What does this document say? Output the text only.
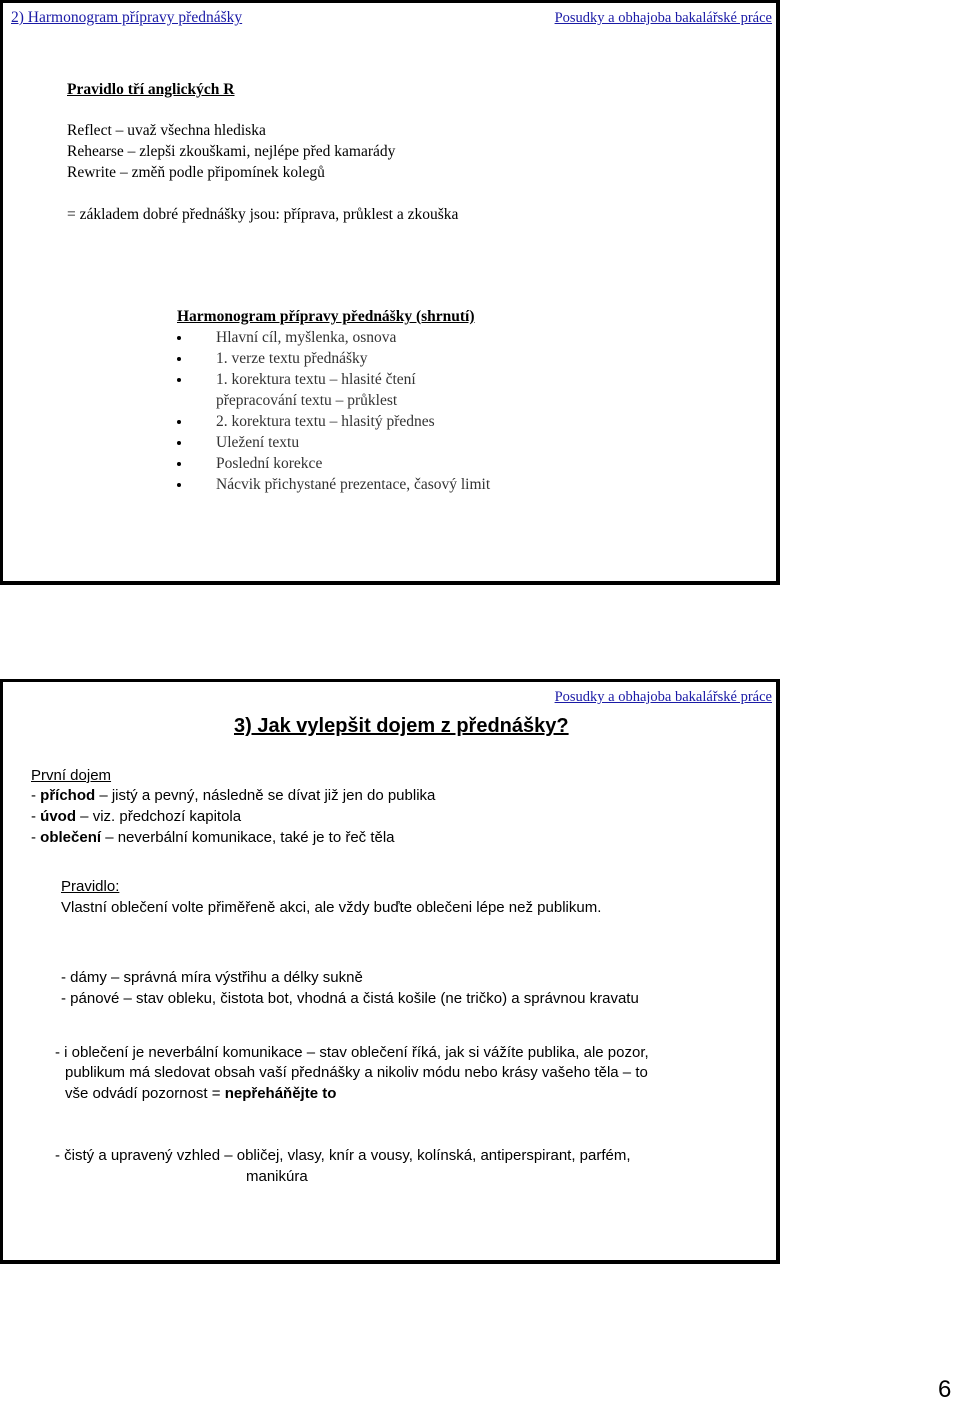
2) Harmonogram přípravy přednášky	Posudky a obhajoba bakalářské práce
Pravidlo tří anglických R
Reflect – uvaž všechna hlediska
Rehearse – zlepši zkouškami, nejlépe před kamarády
Rewrite – změň podle připomínek kolegů
= základem dobré přednášky jsou: příprava, průklest a zkouška
Harmonogram přípravy přednášky (shrnutí)
Hlavní cíl, myšlenka, osnova
1. verze textu přednášky
1. korektura textu – hlasité čtení
přepracování textu – průklest
2. korektura textu – hlasitý přednes
Uležení textu
Poslední korekce
Nácvik přichystané prezentace, časový limit
Posudky a obhajoba bakalářské práce
3) Jak vylepšit dojem z přednášky?
První dojem
- příchod – jistý a pevný, následně se dívat již jen do publika
- úvod – viz. předchozí kapitola
- oblečení – neverbální komunikace, také je to řeč těla
Pravidlo:
Vlastní oblečení volte přiměřeně akci, ale vždy buďte oblečeni lépe než publikum.
- dámy – správná míra výstřihu a délky sukně
- pánové – stav obleku, čistota bot, vhodná a čistá košile (ne tričko) a správnou kravatu
- i oblečení je neverbální komunikace – stav oblečení říká, jak si vážíte publika, ale pozor,
publikum má sledovat obsah vaší přednášky a nikoliv módu nebo krásy vašeho těla – to
vše odvádí pozornost = nepřeháňějte to
- čistý a upravený vzhled – obličej, vlasy, knír a vousy, kolínská, antiperspirant, parfém,
manikúra
6
